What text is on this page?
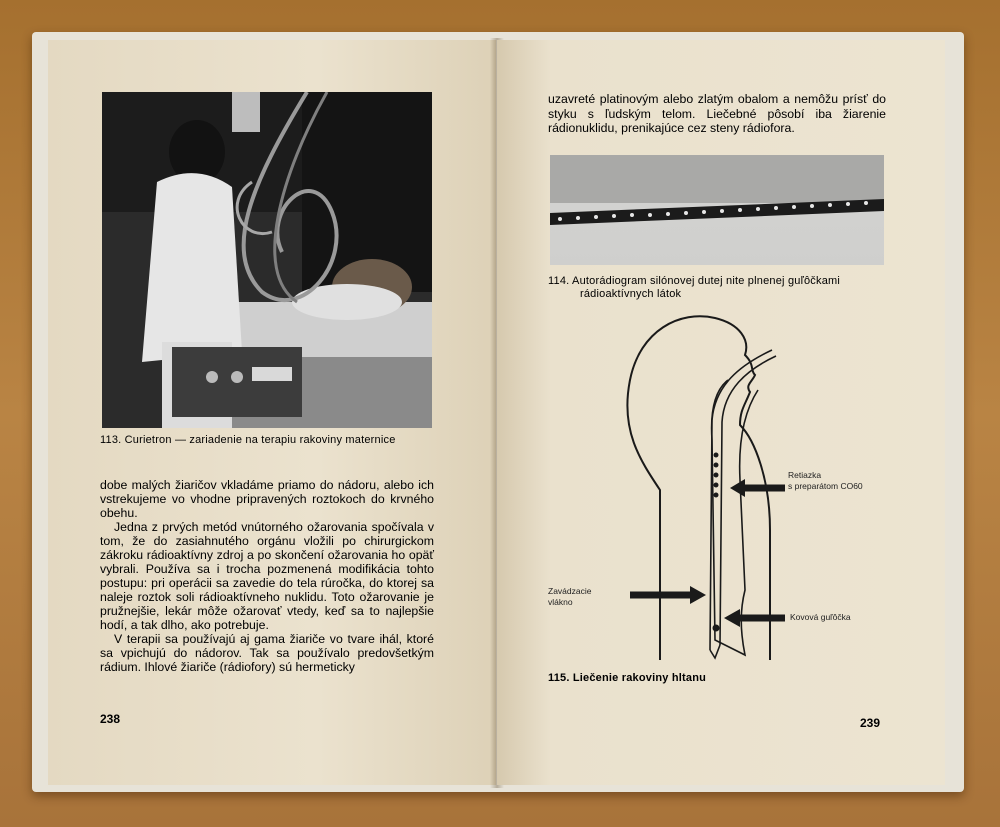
113. Curietron — zariadenie na terapiu rakoviny maternice

dobe malých žiaričov vkladáme priamo do nádoru, alebo ich vstrekujeme vo vhodne pripravených roztokoch do krvného obehu.

Jedna z prvých metód vnútorného ožarovania spočívala v tom, že do zasiahnutého orgánu vložili po chirurgickom zákroku rádioaktívny zdroj a po skončení ožarovania ho opäť vybrali. Používa sa i trocha pozmenená modifikácia tohto postupu: pri operácii sa zavedie do tela rúročka, do ktorej sa naleje roztok soli rádioaktívneho nuklidu. Toto ožarovanie je pružnejšie, lekár môže ožarovať vtedy, keď sa to najlepšie hodí, a tak dlho, ako potrebuje.

V terapii sa používajú aj gama žiariče vo tvare ihál, ktoré sa vpichujú do nádorov. Tak sa používalo predovšetkým rádium. Ihlové žiariče (rádiofory) sú hermeticky

238
uzavreté platinovým alebo zlatým obalom a nemôžu prísť do styku s ľudským telom. Liečebné pôsobí iba žiarenie rádionuklidu, prenikajúce cez steny rádiofora.
114. Autorádiogram silónovej dutej nite plnenej guľôčkami
rádioaktívnych látok
Retiazka
s preparátom CO60
Zavádzacie
vlákno
Kovová guľôčka
115. Liečenie rakoviny hltanu
239
